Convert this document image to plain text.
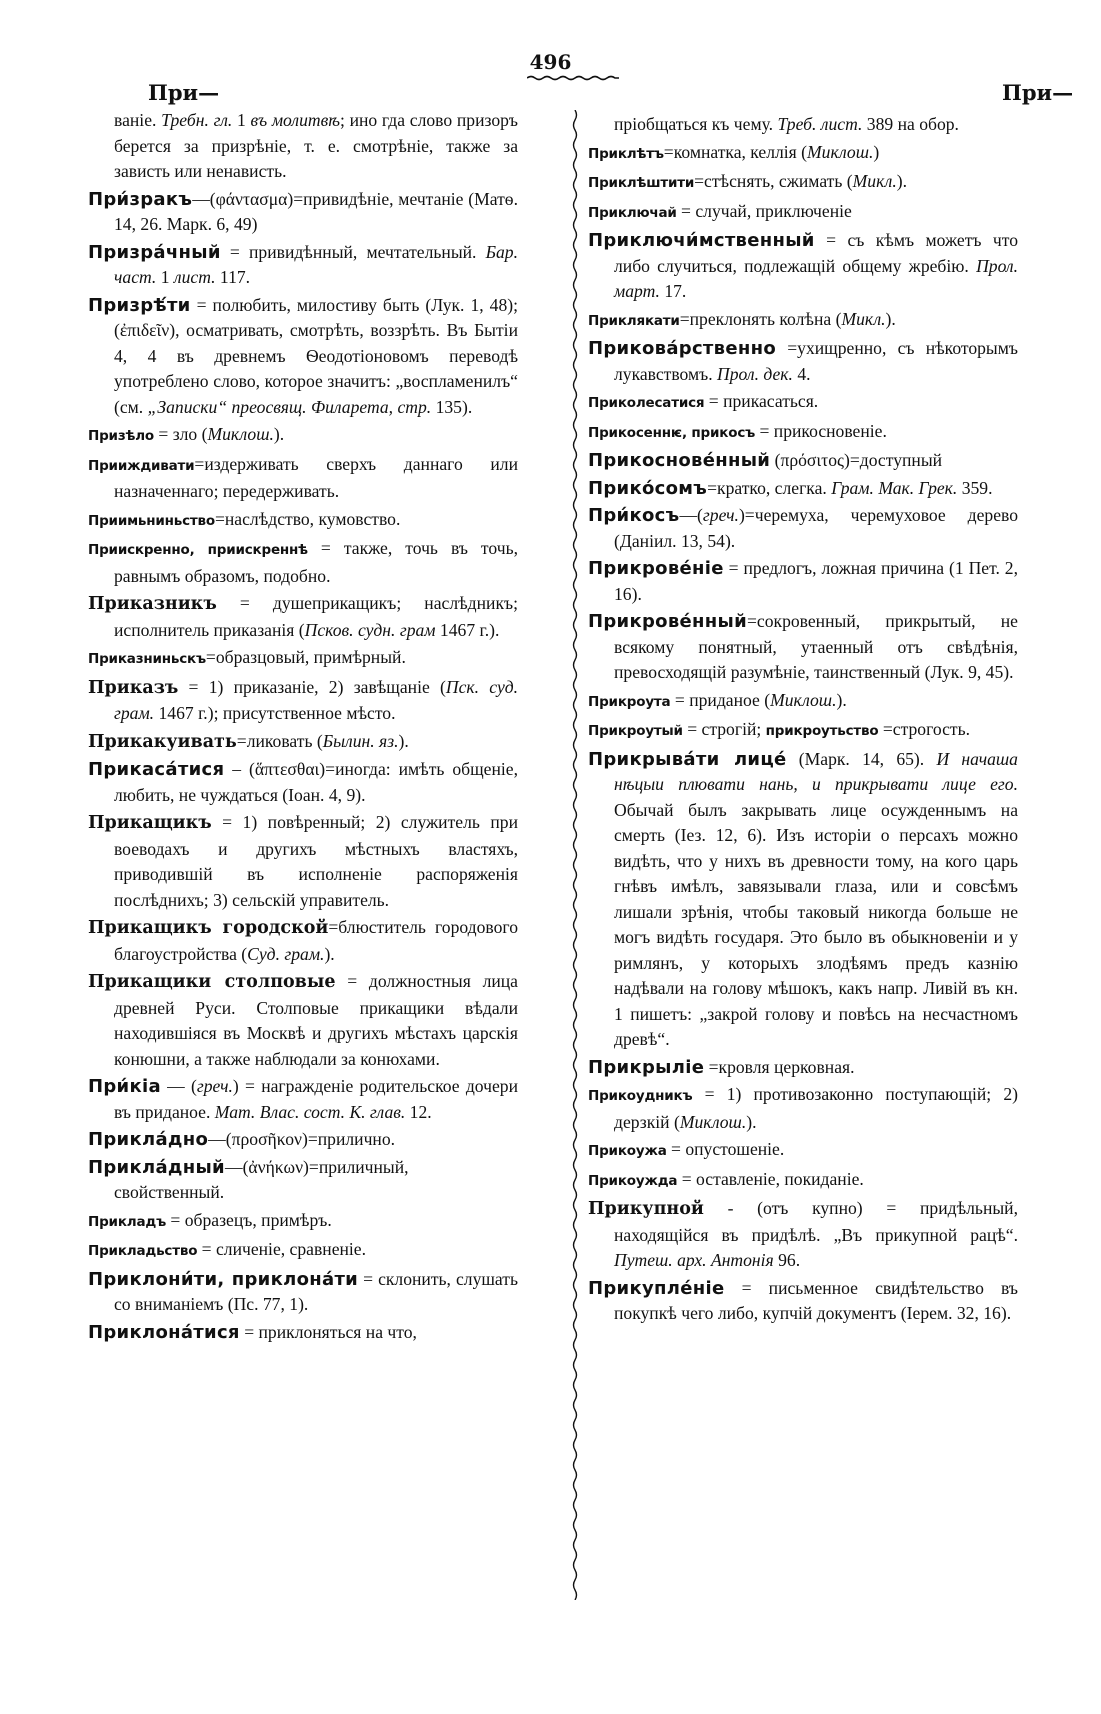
496
При—	При—

ваніе. Требн. гл. 1 въ молитвѣ; ино гда слово призоръ берется за призрѣніе, т. е. смотрѣніе, также за зависть или ненависть.

При́зракъ—(φάντασμα)=привидѣніе, мечтаніе (Матѳ. 14, 26. Марк. 6, 49)

Призра́чный = привидѣнный, мечтательный. Бар. част. 1 лист. 117.

Призрѣ́ти = полюбить, милостиву быть (Лук. 1, 48); (ἐπιδεῖν), осматривать, смотрѣть, воззрѣть. Въ Бытіи 4, 4 въ древнемъ Ѳеодотіоновомъ переводѣ употреблено слово, которое значитъ: „воспламенилъ“ (см. „Записки“ преосвящ. Филарета, стр. 135).

Призѣло = зло (Миклош.).

Прииждивати=издерживать сверхъ даннаго или назначеннаго; передерживать.

Приимьниньство=наслѣдство, кумовство.

Приискренно, приискреннѣ = также, точь въ точь, равнымъ образомъ, подобно.

Приказникъ = душеприкащикъ; наслѣдникъ; исполнитель приказанія (Псков. судн. грам 1467 г.).

Приказниньскъ=образцовый, примѣрный.

Приказъ = 1) приказаніе, 2) завѣщаніе (Пск. суд. грам. 1467 г.); присутственное мѣсто.

Прикакуивать=ликовать (Былин. яз.).

Прикаса́тися – (ἅπτεσθαι)=иногда: имѣть общеніе, любить, не чуждаться (Іоан. 4, 9).

Прикащикъ = 1) повѣренный; 2) служитель при воеводахъ и другихъ мѣстныхъ властяхъ, приводившій въ исполненіе распоряженія послѣднихъ; 3) сельскій управитель.

Прикащикъ городской=блюститель городового благоустройства (Суд. грам.).

Прикащики столповые = должностныя лица древней Руси. Столповые прикащики вѣдали находившіяся въ Москвѣ и другихъ мѣстахъ царскія конюшни, а также наблюдали за конюхами.

При́кіа — (греч.) = награжденіе родительское дочери въ приданое. Мат. Влас. сост. К. глав. 12.

Прикла́дно—(προσῆκον)=прилично.

Прикла́дный—(ἀνήκων)=приличный, свойственный.

Прикладъ = образецъ, примѣръ.

Прикладьство = сличеніе, сравненіе.

Приклони́ти, приклона́ти = склонить, слушать со вниманіемъ (Пс. 77, 1).

Приклона́тися = приклоняться на что,

пріобщаться къ чему. Треб. лист. 389 на обор.

Приклѣтъ=комнатка, келлія (Миклош.)

Приклѣштити=стѣснять, сжимать (Микл.).

Приключай = случай, приключеніе

Приключи́мственный = съ кѣмъ можетъ что либо случиться, подлежащій общему жребію. Прол. март. 17.

Приклякати=преклонять колѣна (Микл.).

Прикова́рственно =ухищренно, съ нѣкоторымъ лукавствомъ. Прол. дек. 4.

Приколесатися = прикасаться.

Прикосеннѥ, прикосъ = прикосновеніе.

Прикоснове́нный (πρόσιτος)=доступный

Прико́сомъ=кратко, слегка. Грам. Мак. Грек. 359.

При́косъ—(греч.)=черемуха, черемуховое дерево (Даніил. 13, 54).

Прикрове́ніе = предлогъ, ложная причина (1 Пет. 2, 16).

Прикрове́нный=сокровенный, прикрытый, не всякому понятный, утаенный отъ свѣдѣнія, превосходящій разумѣніе, таинственный (Лук. 9, 45).

Прикроута = приданое (Миклош.).

Прикроутый = строгій; прикроутьство =строгость.

Прикрыва́ти лице́ (Марк. 14, 65). И начаша нѣцыи плювати нань, и прикрывати лице его. Обычай былъ закрывать лице осужденнымъ на смерть (Іез. 12, 6). Изъ исторіи о персахъ можно видѣть, что у нихъ въ древности тому, на кого царь гнѣвъ имѣлъ, завязывали глаза, или и совсѣмъ лишали зрѣнія, чтобы таковый никогда больше не могъ видѣть государя. Это было въ обыкновеніи и у римлянъ, у которыхъ злодѣямъ предъ казнію надѣвали на голову мѣшокъ, какъ напр. Ливій въ кн. 1 пишетъ: „закрой голову и повѣсь на несчастномъ древѣ“.

Прикрыліе =кровля церковная.

Прикоудникъ = 1) противозаконно поступающій; 2) дерзкій (Миклош.).

Прикоужа = опустошеніе.

Прикоужда = оставленіе, покиданіе.

Прикупной - (отъ купно) = придѣльный, находящійся въ придѣлѣ. „Въ прикупной рацѣ“. Путеш. арх. Антонія 96.

Прикупле́ніе = письменное свидѣтельство въ покупкѣ чего либо, купчій документъ (Іерем. 32, 16).
